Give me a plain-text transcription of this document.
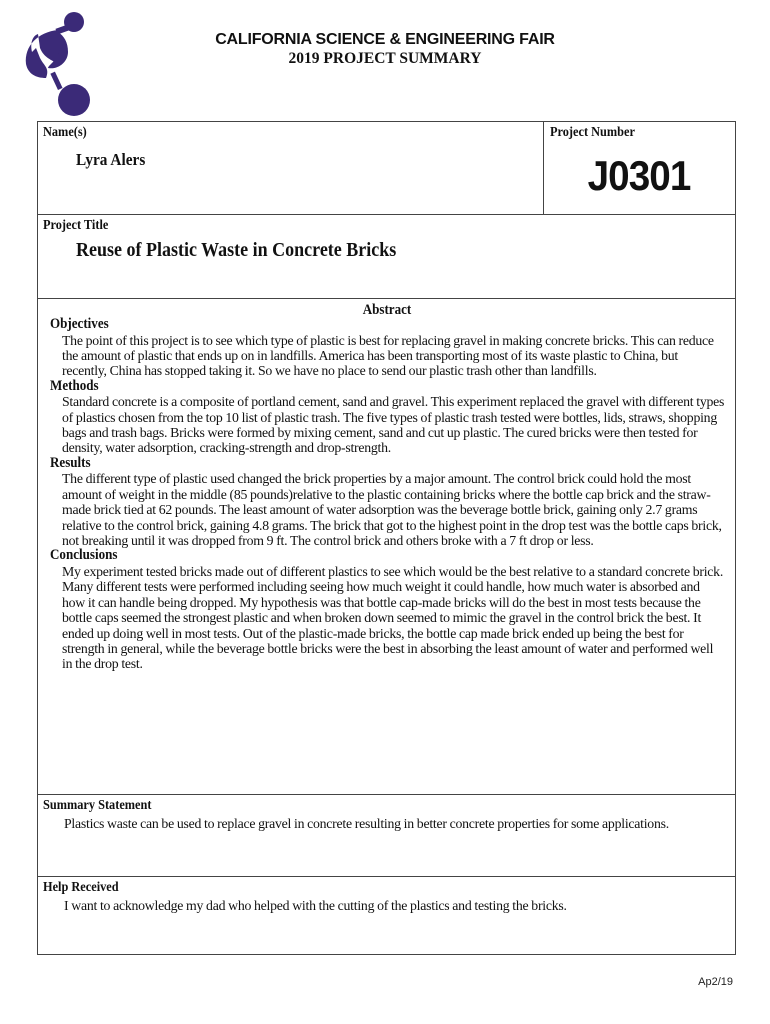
CALIFORNIA SCIENCE & ENGINEERING FAIR
2019 PROJECT SUMMARY
Name(s)
Lyra Alers
Project Number
J0301
Project Title
Reuse of Plastic Waste in Concrete Bricks
Abstract
Objectives
The point of this project is to see which type of plastic is best for replacing gravel in making concrete bricks. This can reduce the amount of plastic that ends up on in landfills. America has been transporting most of its waste plastic to China, but recently, China has stopped taking it. So we have no place to send our plastic trash other than landfills.
Methods
Standard concrete is a composite of portland cement, sand and gravel. This experiment replaced the gravel with different types of plastics chosen from the top 10 list of plastic trash. The five types of plastic trash tested were bottles, lids, straws, shopping bags and trash bags. Bricks were formed by mixing cement, sand and cut up plastic. The cured bricks were then tested for density, water adsorption, cracking-strength and drop-strength.
Results
The different type of plastic used changed the brick properties by a major amount. The control brick could hold the most amount of weight in the middle (85 pounds)relative to the plastic containing bricks where the bottle cap brick and the straw-made brick tied at 62 pounds. The least amount of water adsorption was the beverage bottle brick, gaining only 2.7 grams relative to the control brick, gaining 4.8 grams. The brick that got to the highest point in the drop test was the bottle caps brick, not breaking until it was dropped from 9 ft. The control brick and others broke with a 7 ft drop or less.
Conclusions
My experiment tested bricks made out of different plastics to see which would be the best relative to a standard concrete brick. Many different tests were performed including seeing how much weight it could handle, how much water is absorbed and how it can handle being dropped. My hypothesis was that bottle cap-made bricks will do the best in most tests because the bottle caps seemed the strongest plastic and when broken down seemed to mimic the gravel in the control brick the best. It ended up doing well in most tests. Out of the plastic-made bricks, the bottle cap made brick ended up being the best for strength in general, while the beverage bottle bricks were the best in absorbing the least amount of water and performed well in the drop test.
Summary Statement
Plastics waste can be used to replace gravel in concrete resulting in better concrete properties for some applications.
Help Received
I want to acknowledge my dad who helped with the cutting of the plastics and testing the bricks.
Ap2/19
